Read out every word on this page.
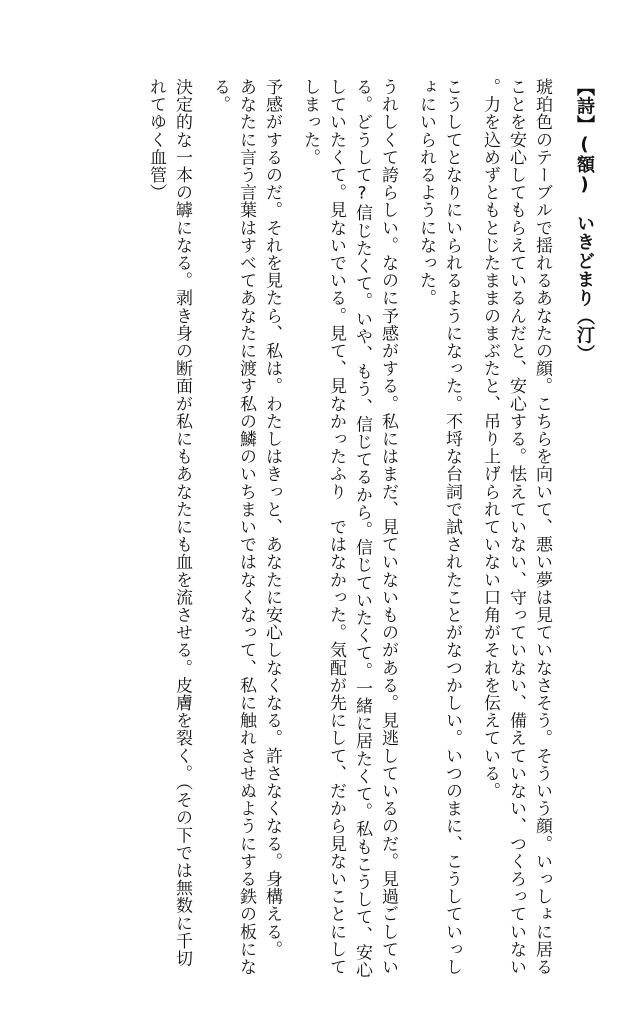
【詩】(額)　いきどまり（汀）

琥珀色のテーブルで揺れるあなたの顔。こちらを向いて、悪い夢は見ていなさそう。そういう顔。いっしょに居ることを安心してもらえているんだと、安心する。怯えていない、守っていない、備えていない、つくろっていない。力を込めずともとじたままのまぶたと、吊り上げられていない口角がそれを伝えている。

こうしてとなりにいられるようになった。不埒な台詞で試されたことがなつかしい。いつのまに、こうしていっしょにいられるようになった。

うれしくて誇らしい。なのに予感がする。私にはまだ、見ていないものがある。見逃しているのだ。見過ごしている。どうして?信じたくて。いや、もう、信じてるから。信じていたくて。一緒に居たくて。私もこうして、安心していたくて。見ないでいる。見て、見なかったふり　ではなかった。気配が先にして、だから見ないことにしてしまった。

予感がするのだ。それを見たら、私は。わたしはきっと、あなたに安心しなくなる。許さなくなる。身構える。
あなたに言う言葉はすべてあなたに渡す私の鱗のいちまいではなくなって、私に触れさせぬようにする鉄の板になる。

決定的な一本の罅になる。剥き身の断面が私にもあなたにも血を流させる。皮膚を裂く。（その下では無数に千切れてゆく血管）
